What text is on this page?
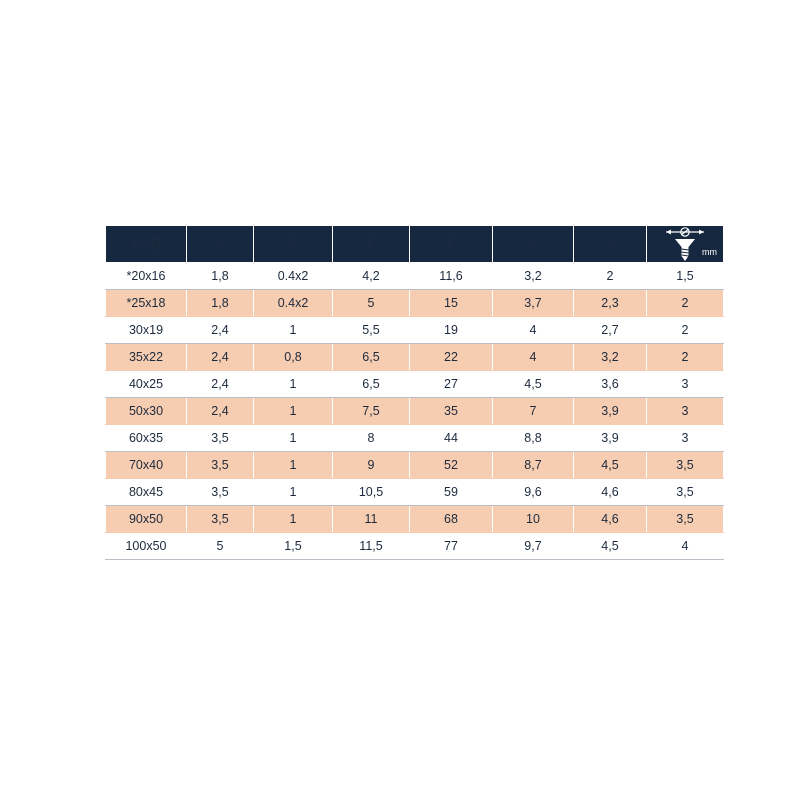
AxB	C	D	E	F	G	I	mm

*20x16	1,8	0.4x2	4,2	11,6	3,2	2	1,5
*25x18	1,8	0.4x2	5	15	3,7	2,3	2
30x19	2,4	1	5,5	19	4	2,7	2
35x22	2,4	0,8	6,5	22	4	3,2	2
40x25	2,4	1	6,5	27	4,5	3,6	3
50x30	2,4	1	7,5	35	7	3,9	3
60x35	3,5	1	8	44	8,8	3,9	3
70x40	3,5	1	9	52	8,7	4,5	3,5
80x45	3,5	1	10,5	59	9,6	4,6	3,5
90x50	3,5	1	11	68	10	4,6	3,5
100x50	5	1,5	11,5	77	9,7	4,5	4
